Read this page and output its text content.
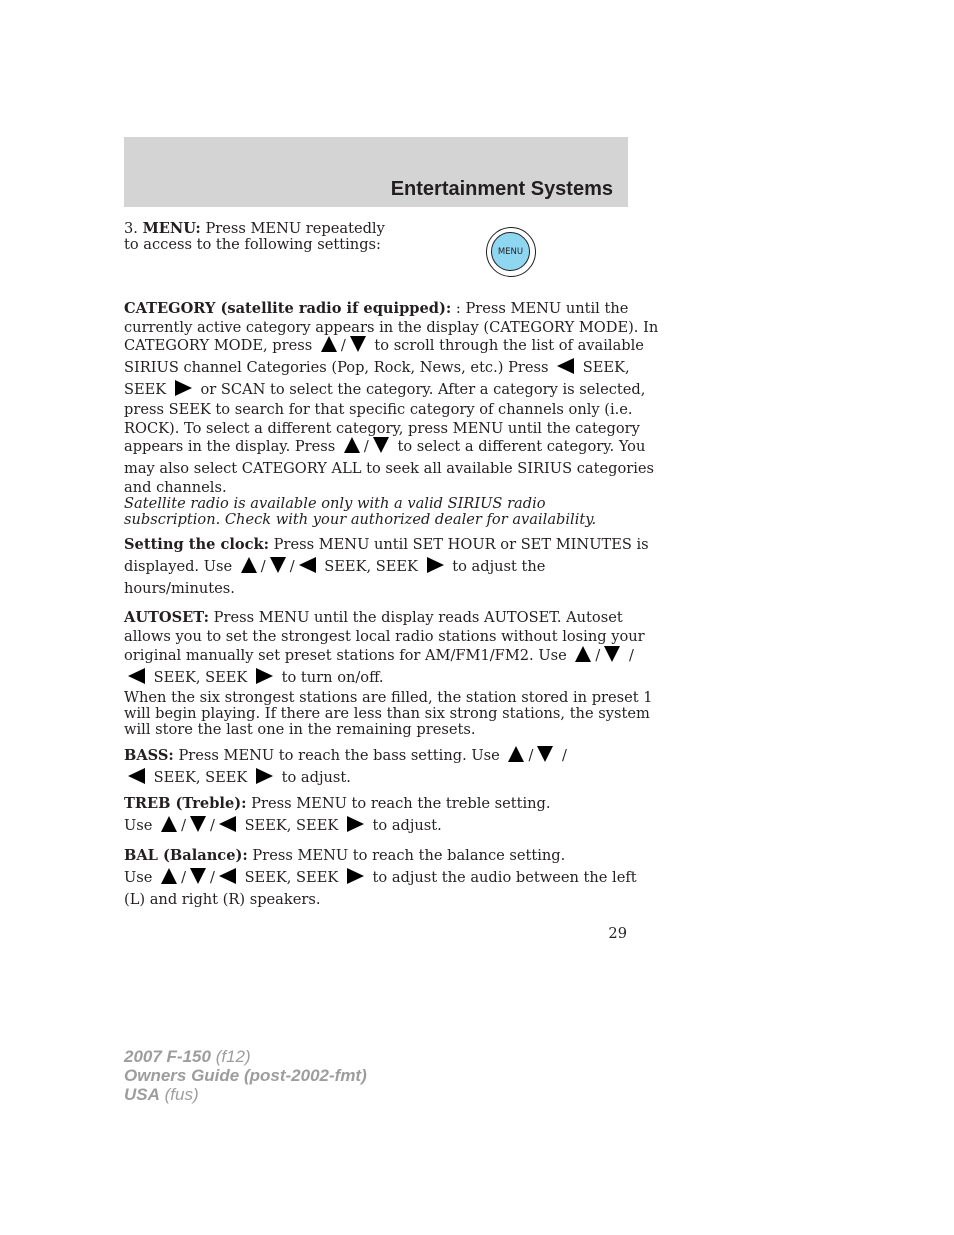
Entertainment Systems

3. MENU: Press MENU repeatedly

to access to the following settings:	MENU

CATEGORY (satellite radio if equipped): : Press MENU until the

currently active category appears in the display (CATEGORY MODE). In

CATEGORY MODE, press / to scroll through the list of available

SIRIUS channel Categories (Pop, Rock, News, etc.) Press SEEK,

SEEK or SCAN to select the category. After a category is selected,

press SEEK to search for that specific category of channels only (i.e.

ROCK). To select a different category, press MENU until the category

appears in the display. Press / to select a different category. You

may also select CATEGORY ALL to seek all available SIRIUS categories

and channels.

Satellite radio is available only with a valid SIRIUS radio

subscription. Check with your authorized dealer for availability.

Setting the clock: Press MENU until SET HOUR or SET MINUTES is

displayed. Use / / SEEK, SEEK to adjust the

hours/minutes.

AUTOSET: Press MENU until the display reads AUTOSET. Autoset

allows you to set the strongest local radio stations without losing your

original manually set preset stations for AM/FM1/FM2. Use / /

SEEK, SEEK to turn on/off.

When the six strongest stations are filled, the station stored in preset 1

will begin playing. If there are less than six strong stations, the system

will store the last one in the remaining presets.

BASS: Press MENU to reach the bass setting. Use / /

SEEK, SEEK to adjust.

TREB (Treble): Press MENU to reach the treble setting.

Use / / SEEK, SEEK to adjust.

BAL (Balance): Press MENU to reach the balance setting.

Use / / SEEK, SEEK to adjust the audio between the left

(L) and right (R) speakers.

29

2007 F-150 (f12)

Owners Guide (post-2002-fmt)

USA (fus)
